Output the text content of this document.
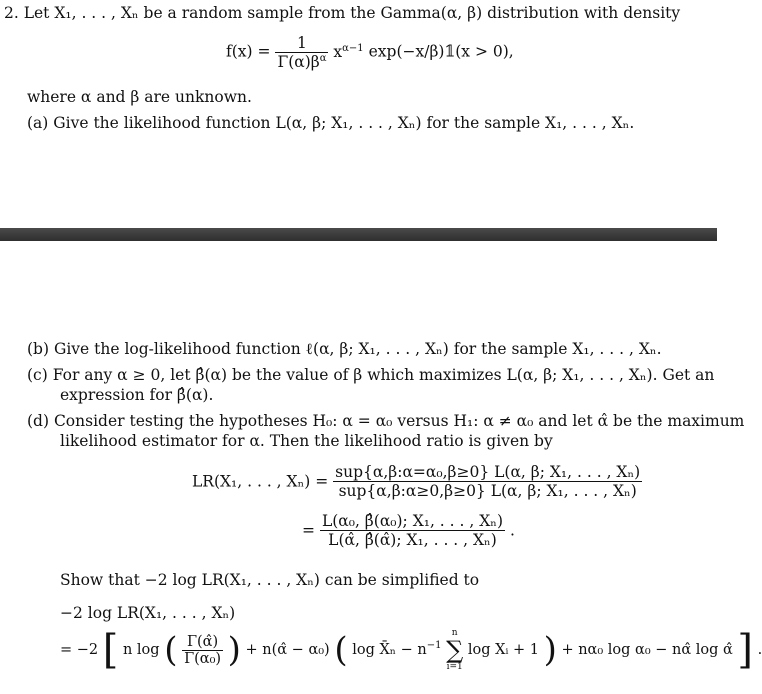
2. Let X₁, . . . , Xₙ be a random sample from the Gamma(α, β) distribution with density
$f(x) = \frac{1}{\Gamma(\alpha)\beta^\alpha} x^{\alpha-1}$ exp(−x/β)𝟙(x > 0),
where α and β are unknown.
(a) Give the likelihood function L(α, β; X₁, . . . , Xₙ) for the sample X₁, . . . , Xₙ.
(b) Give the log-likelihood function ℓ(α, β; X₁, . . . , Xₙ) for the sample X₁, . . . , Xₙ.
(c) For any α ≥ 0, let β̂(α) be the value of β which maximizes L(α, β; X₁, . . . , Xₙ). Get an
expression for β̂(α).
(d) Consider testing the hypotheses H₀: α = α₀ versus H₁: α ≠ α₀ and let α̂ be the maximum
likelihood estimator for α. Then the likelihood ratio is given by
LR(X₁, . . . , $X_n) = \frac{\text{sup\{α,β:α=α₀,β≥0\} L(α, β; X₁, . . . , Xₙ)}}{\text{sup\{α,β:α≥0,β≥0\} L(α, β; X₁, . . . , Xₙ)}}$
= $\frac{\text{L(α₀, β̂(α₀); X₁, . . . , Xₙ)}}{\text{L(α̂, β̂(α̂); X₁, . . . , Xₙ)}}$ .
Show that −2 log LR(X₁, . . . , Xₙ) can be simplified to
−2 log LR(X₁, . . . , Xₙ)
= −2 [ n log ( $\frac{\Gamma(\alphâ)}{\text{Γ(α₀)}}$ ) + n(α̂ − α₀) ( log X̄ₙ − $n^{-1}$ n
∑
i=1 log Xᵢ + 1 ) + nα₀ log α₀ − nα̂ log α̂ ] .
